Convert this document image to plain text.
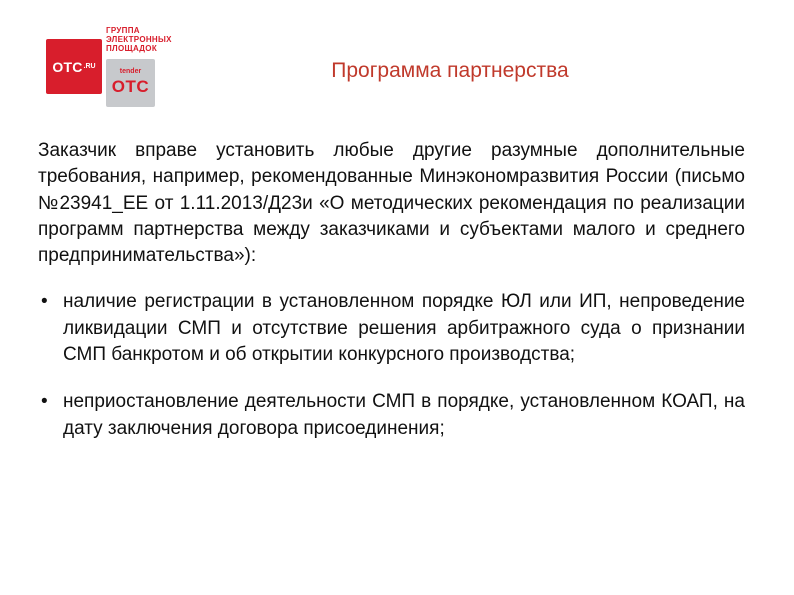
OTC .RU
ГРУППА
ЭЛЕКТРОННЫХ
ПЛОЩАДОК
tender
OTC
Программа партнерства

Заказчик вправе установить любые другие разумные дополнительные требования, например, рекомендованные Минэкономразвития России (письмо №23941_ЕЕ от 1.11.2013/Д23и «О методических рекомендация по реализации программ партнерства между заказчиками и субъектами малого и среднего предпринимательства»):

• наличие регистрации в установленном порядке ЮЛ или ИП, непроведение ликвидации СМП и отсутствие решения арбитражного суда о признании СМП банкротом и об открытии конкурсного производства;
• неприостановление деятельности СМП в порядке, установленном КОАП, на дату заключения договора присоединения;
